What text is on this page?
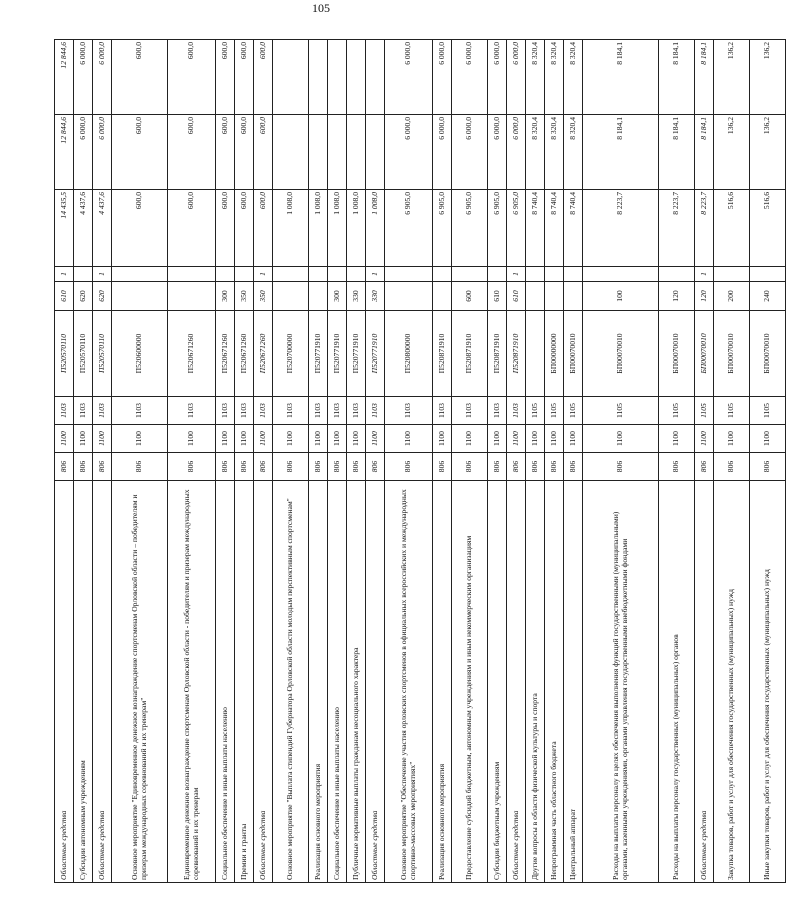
105
Областные средства	806	1100	1103	П520570110	610	1	14 435,5	12 844,6	12 844,6
Субсидии автономным учреждениям	806	1100	1103	П520570110	620		4 437,6	6 000,0	6 000,0
Областные средства	806	1100	1103	П520570110	620	1	4 437,6	6 000,0	6 000,0
Основное мероприятие "Единовременное денежное вознаграждение спортсменам Орловской области – победителям и призерам международных соревнований и их тренерам"	806	1100	1103	П520600000			600,0	600,0	600,0
Единовременное денежное вознаграждение спортсменам Орловской области - победителям и призерам международных соревнований и их тренерам	806	1100	1103	П520671260			600,0	600,0	600,0
Социальное обеспечение и иные выплаты населению	806	1100	1103	П520671260	300		600,0	600,0	600,0
Премии и гранты	806	1100	1103	П520671260	350		600,0	600,0	600,0
Областные средства	806	1100	1103	П520671260	350	1	600,0	600,0	600,0
Основное мероприятие "Выплата стипендий Губернатора Орловской области молодым перспективным спортсменам"	806	1100	1103	П520700000			1 008,0		
Реализация основного мероприятия	806	1100	1103	П520771910			1 008,0		
Социальное обеспечение и иные выплаты населению	806	1100	1103	П520771910	300		1 008,0		
Публичные нормативные выплаты гражданам несоциального характера	806	1100	1103	П520771910	330		1 008,0		
Областные средства	806	1100	1103	П520771910	330	1	1 008,0		
Основное мероприятие "Обеспечение участия орловских спортсменов в официальных всероссийских и международных спортивно-массовых мероприятиях"	806	1100	1103	П520800000			6 905,0	6 000,0	6 000,0
Реализация основного мероприятия	806	1100	1103	П520871910			6 905,0	6 000,0	6 000,0
Предоставление субсидий бюджетным, автономным учреждениям и иным некоммерческим организациям	806	1100	1103	П520871910	600		6 905,0	6 000,0	6 000,0
Субсидии бюджетным учреждениям	806	1100	1103	П520871910	610		6 905,0	6 000,0	6 000,0
Областные средства	806	1100	1103	П520871910	610	1	6 905,0	6 000,0	6 000,0
Другие вопросы в области физической культуры и спорта	806	1100	1105				8 740,4	8 320,4	8 320,4
Непрограммная часть областного бюджета	806	1100	1105	БП00000000			8 740,4	8 320,4	8 320,4
Центральный аппарат	806	1100	1105	БП00070010			8 740,4	8 320,4	8 320,4
Расходы на выплаты персоналу в целях обеспечения выполнения функций государственными (муниципальными) органами, казенными учреждениями, органами управления государственными внебюджетными фондами	806	1100	1105	БП00070010	100		8 223,7	8 184,1	8 184,1
Расходы на выплаты персоналу государственных (муниципальных) органов	806	1100	1105	БП00070010	120		8 223,7	8 184,1	8 184,1
Областные средства	806	1100	1105	БП00070010	120	1	8 223,7	8 184,1	8 184,1
Закупка товаров, работ и услуг для обеспечения государственных (муниципальных) нужд	806	1100	1105	БП00070010	200		516,6	136,2	136,2
Иные закупки товаров, работ и услуг для обеспечения государственных (муниципальных) нужд	806	1100	1105	БП00070010	240		516,6	136,2	136,2
